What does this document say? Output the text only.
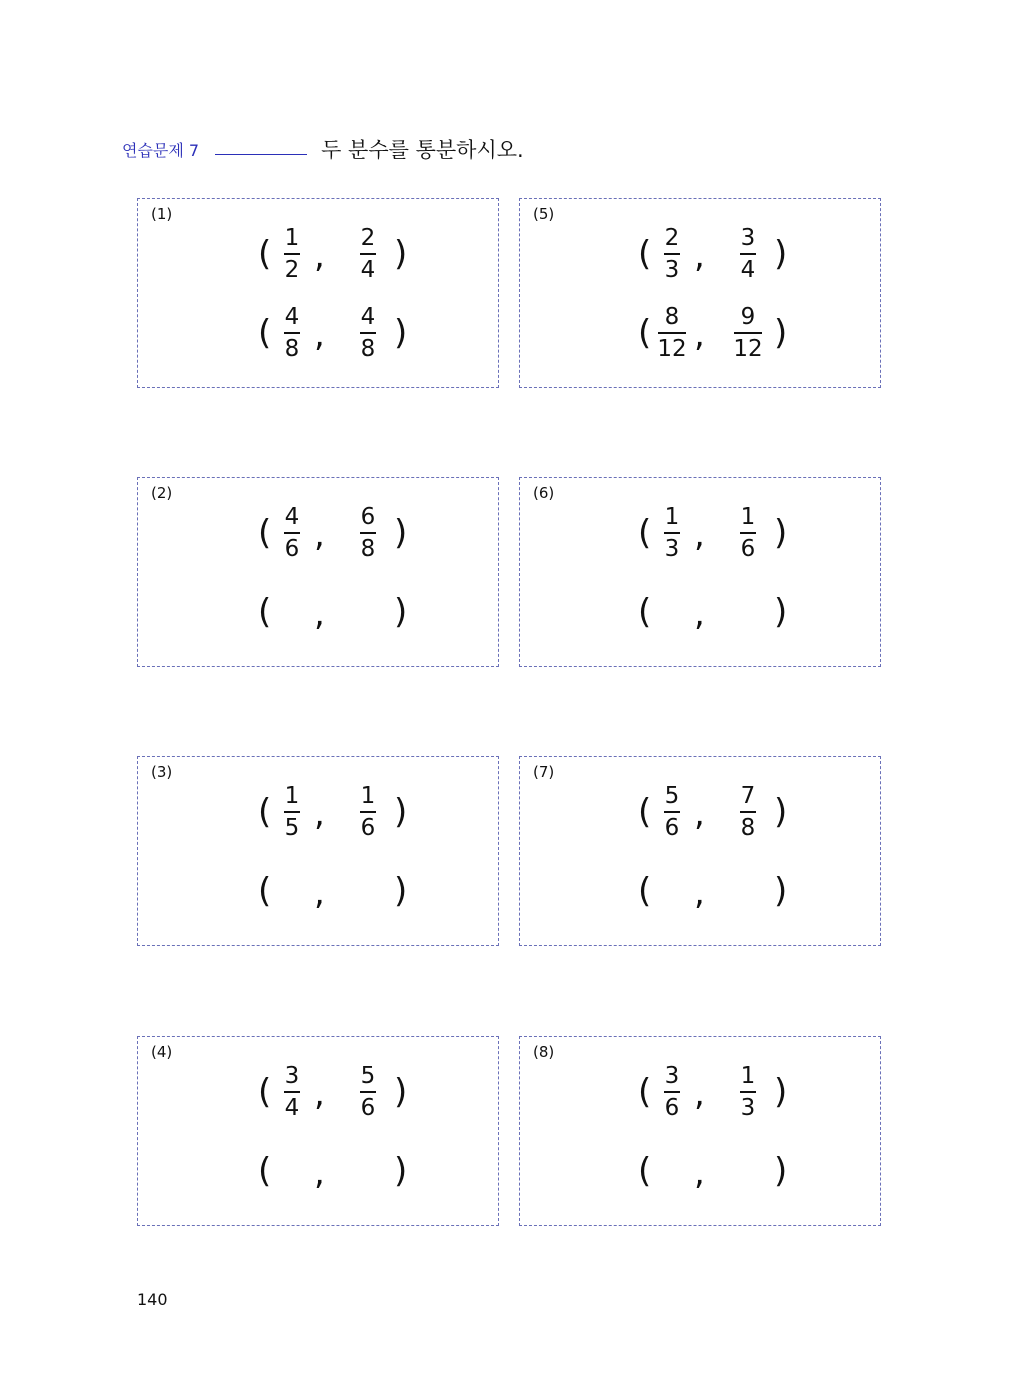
연습문제 7	두 분수를 통분하시오.
(1)
( 1
2 ,	2
4 )
( 4
8 ,	4
8 )
(2)
( 4
6 ,	6
8 )
( , )
(3)
( 1
5 ,	1
6 )
( , )
(4)
( 3
4 ,	5
6 )
( , )
(5)
( 2
3 ,	3
4 )
( 8
12 ,	9
12 )
(6)
( 1
3 ,	1
6 )
( , )
(7)
( 5
6 ,	7
8 )
( , )
(8)
( 3
6 ,	1
3 )
( , )
140
